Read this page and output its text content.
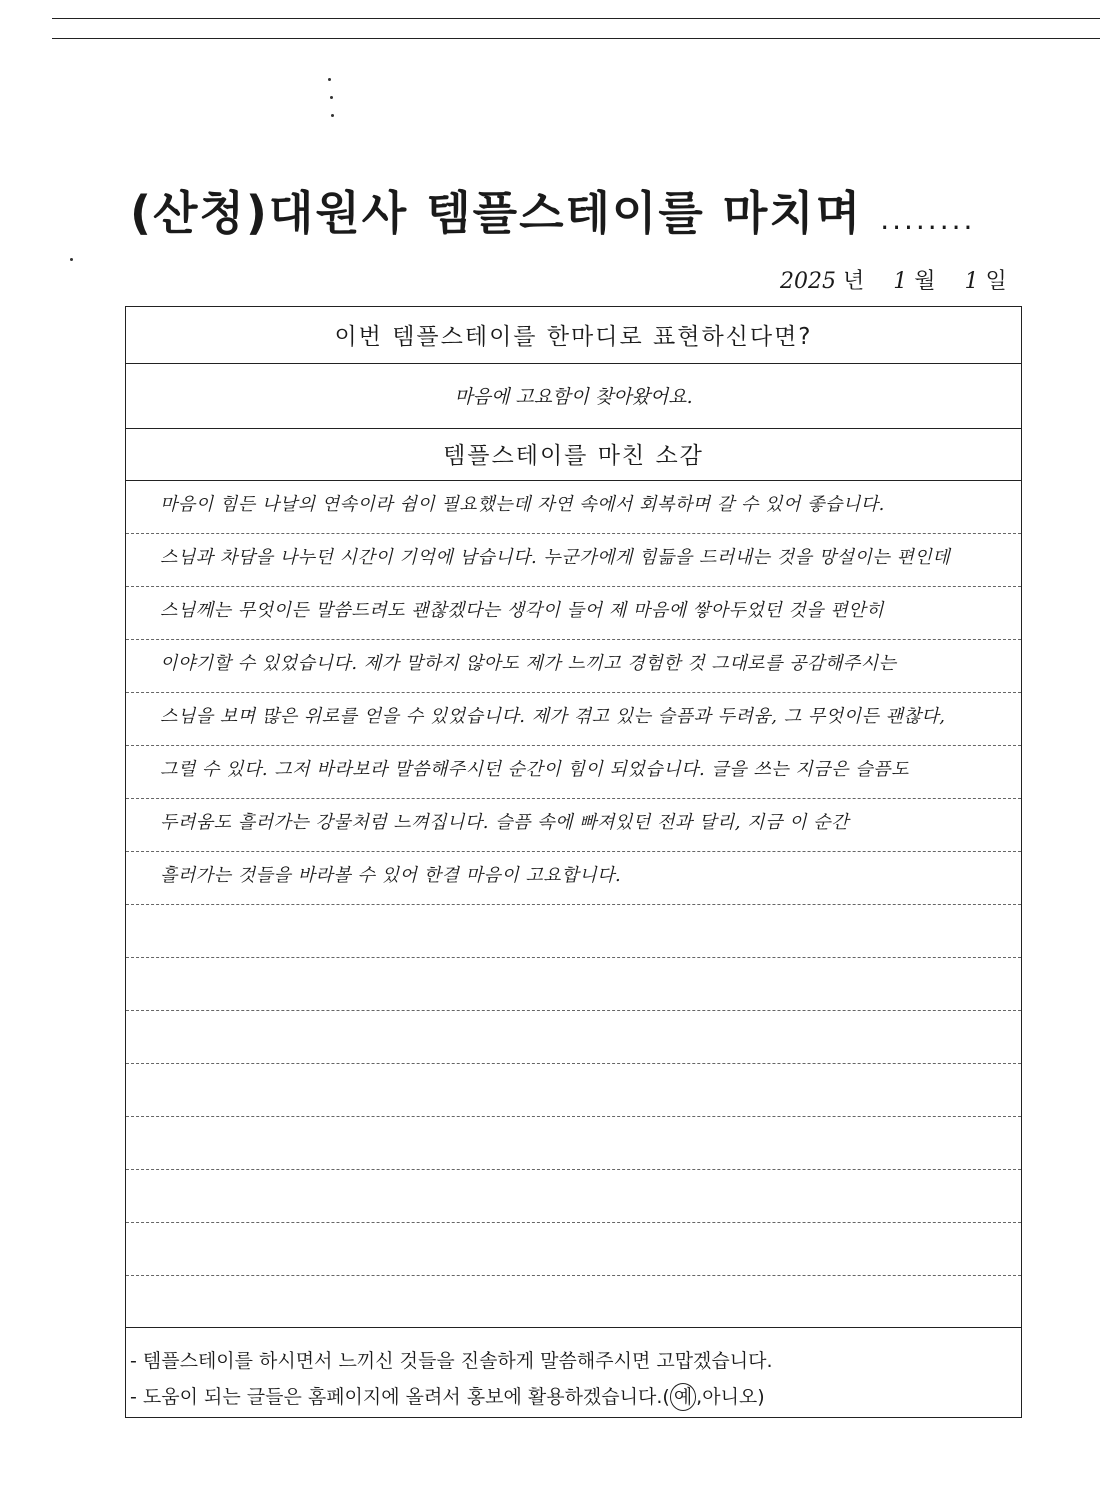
(산청)대원사 템플스테이를 마치며 ........
2025 년 1 월 1 일
이번 템플스테이를 한마디로 표현하신다면?
마음에 고요함이 찾아왔어요.
템플스테이를 마친 소감
마음이 힘든 나날의 연속이라 쉼이 필요했는데 자연 속에서 회복하며 갈 수 있어 좋습니다.
스님과 차담을 나누던 시간이 기억에 남습니다. 누군가에게 힘듦을 드러내는 것을 망설이는 편인데
스님께는 무엇이든 말씀드려도 괜찮겠다는 생각이 들어 제 마음에 쌓아두었던 것을 편안히
이야기할 수 있었습니다. 제가 말하지 않아도 제가 느끼고 경험한 것 그대로를 공감해주시는
스님을 보며 많은 위로를 얻을 수 있었습니다. 제가 겪고 있는 슬픔과 두려움, 그 무엇이든 괜찮다,
그럴 수 있다. 그저 바라보라 말씀해주시던 순간이 힘이 되었습니다. 글을 쓰는 지금은 슬픔도
두려움도 흘러가는 강물처럼 느껴집니다. 슬픔 속에 빠져있던 전과 달리, 지금 이 순간
흘러가는 것들을 바라볼 수 있어 한결 마음이 고요합니다.
- 템플스테이를 하시면서 느끼신 것들을 진솔하게 말씀해주시면 고맙겠습니다.
- 도움이 되는 글들은 홈페이지에 올려서 홍보에 활용하겠습니다.( 예 ,아니오)
